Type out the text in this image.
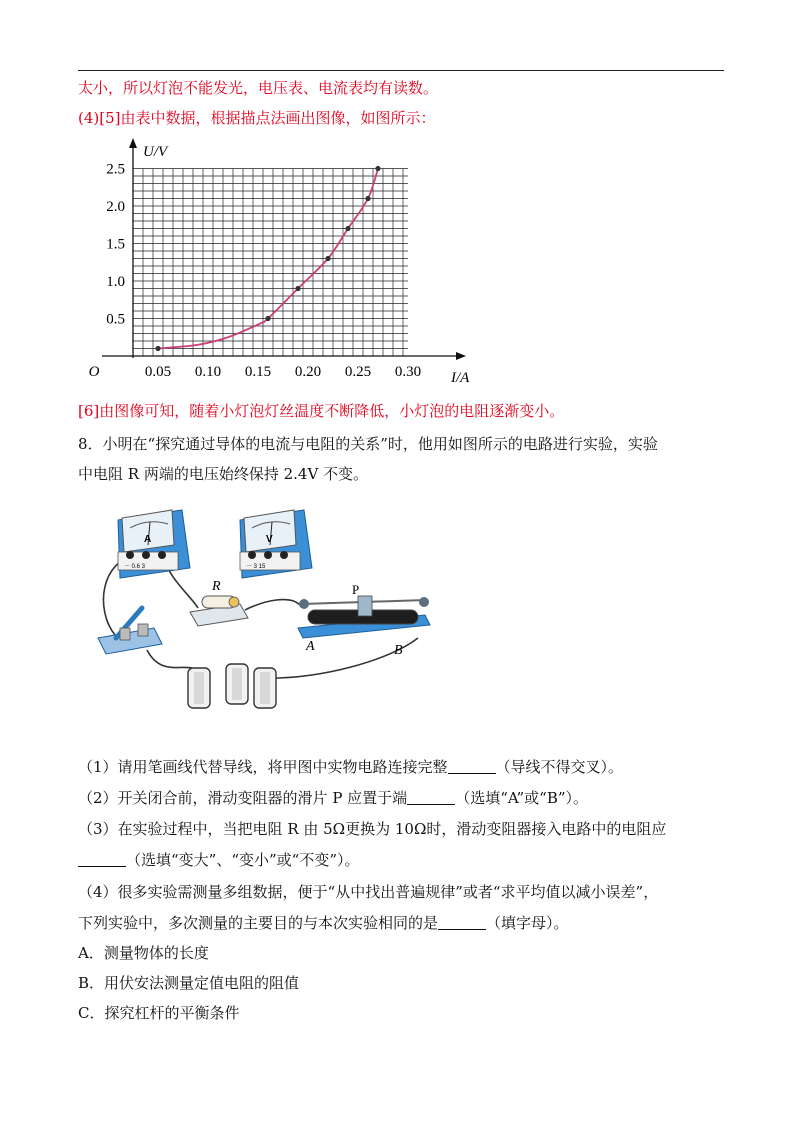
太小，所以灯泡不能发光，电压表、电流表均有读数。
(4)[5]由表中数据，根据描点法画出图像，如图所示：
0.05 0.10 0.15 0.20 0.25 0.30
0.5
1.0
1.5
2.0
2.5
O	I/A
U/V
[6]由图像可知，随着小灯泡灯丝温度不断降低，小灯泡的电阻逐渐变小。
8．小明在“探究通过导体的电流与电阻的关系”时，他用如图所示的电路进行实验，实验
中电阻 R 两端的电压始终保持 2.4V 不变。
A
－ 0.6 3
V
－ 3 15
R	P
A	B
（1）请用笔画线代替导线，将甲图中实物电路连接完整	（导线不得交叉）。
（2）开关闭合前，滑动变阻器的滑片 P 应置于端	（选填“A”或“B”）。
（3）在实验过程中，当把电阻 R 由 5Ω更换为 10Ω时，滑动变阻器接入电路中的电阻应
（选填“变大”、“变小”或“不变”）。
（4）很多实验需测量多组数据，便于“从中找出普遍规律”或者“求平均值以减小误差”，
下列实验中，多次测量的主要目的与本次实验相同的是	（填字母）。
A．测量物体的长度
B．用伏安法测量定值电阻的阻值
C．探究杠杆的平衡条件
